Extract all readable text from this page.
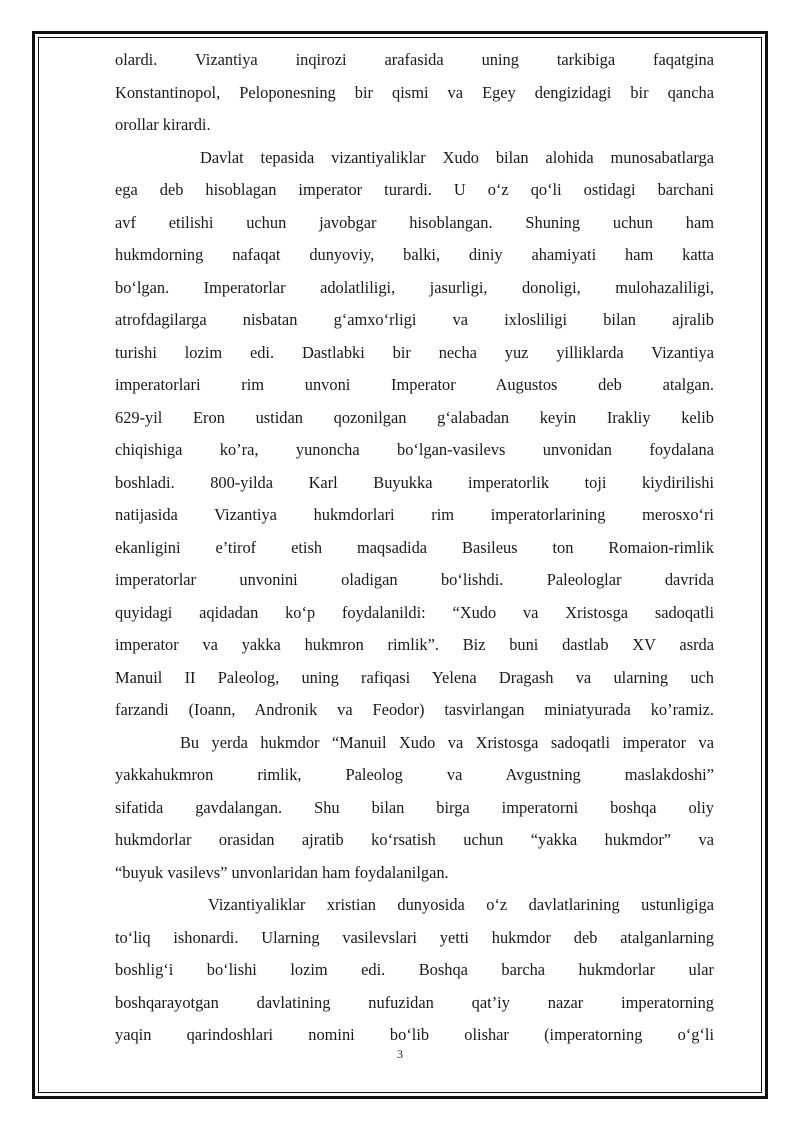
olardi. Vizantiya inqirozi arafasida uning tarkibiga faqatgina
Konstantinopol, Peloponesning bir qismi va Egey dengizidagi bir qancha
orollar kirardi.
Davlat tepasida vizantiyaliklar Xudo bilan alohida munosabatlarga
ega deb hisoblagan imperator turardi. U o‘z qo‘li ostidagi barchani
avf etilishi uchun javobgar hisoblangan. Shuning uchun ham
hukmdorning nafaqat dunyoviy, balki, diniy ahamiyati ham katta
bo‘lgan. Imperatorlar adolatliligi, jasurligi, donoligi, mulohazaliligi,
atrofdagilarga nisbatan g‘amxo‘rligi va ixlosliligi bilan ajralib
turishi lozim edi. Dastlabki bir necha yuz yilliklarda Vizantiya
imperatorlari rim unvoni Imperator Augustos deb atalgan.
629-yil Eron ustidan qozonilgan g‘alabadan keyin Irakliy kelib
chiqishiga ko’ra, yunoncha bo‘lgan-vasilevs unvonidan foydalana
boshladi. 800-yilda Karl Buyukka imperatorlik toji kiydirilishi
natijasida Vizantiya hukmdorlari rim imperatorlarining merosxo‘ri
ekanligini e’tirof etish maqsadida Basileus ton Romaion-rimlik
imperatorlar unvonini oladigan bo‘lishdi. Paleologlar davrida
quyidagi aqidadan ko‘p foydalanildi: “Xudo va Xristosga sadoqatli
imperator va yakka hukmron rimlik”. Biz buni dastlab XV asrda
Manuil II Paleolog, uning rafiqasi Yelena Dragash va ularning uch
farzandi (Ioann, Andronik va Feodor) tasvirlangan miniatyurada ko’ramiz.
Bu yerda hukmdor “Manuil Xudo va Xristosga sadoqatli imperator va
yakkahukmron rimlik, Paleolog va Avgustning maslakdoshi”
sifatida gavdalangan. Shu bilan birga imperatorni boshqa oliy
hukmdorlar orasidan ajratib ko‘rsatish uchun “yakka hukmdor” va
“buyuk vasilevs” unvonlaridan ham foydalanilgan.
Vizantiyaliklar xristian dunyosida o‘z davlatlarining ustunligiga
to‘liq ishonardi. Ularning vasilevslari yetti hukmdor deb atalganlarning
boshlig‘i bo‘lishi lozim edi. Boshqa barcha hukmdorlar ular
boshqarayotgan davlatining nufuzidan qat’iy nazar imperatorning
yaqin qarindoshlari nomini bo‘lib olishar (imperatorning o‘g‘li
3
